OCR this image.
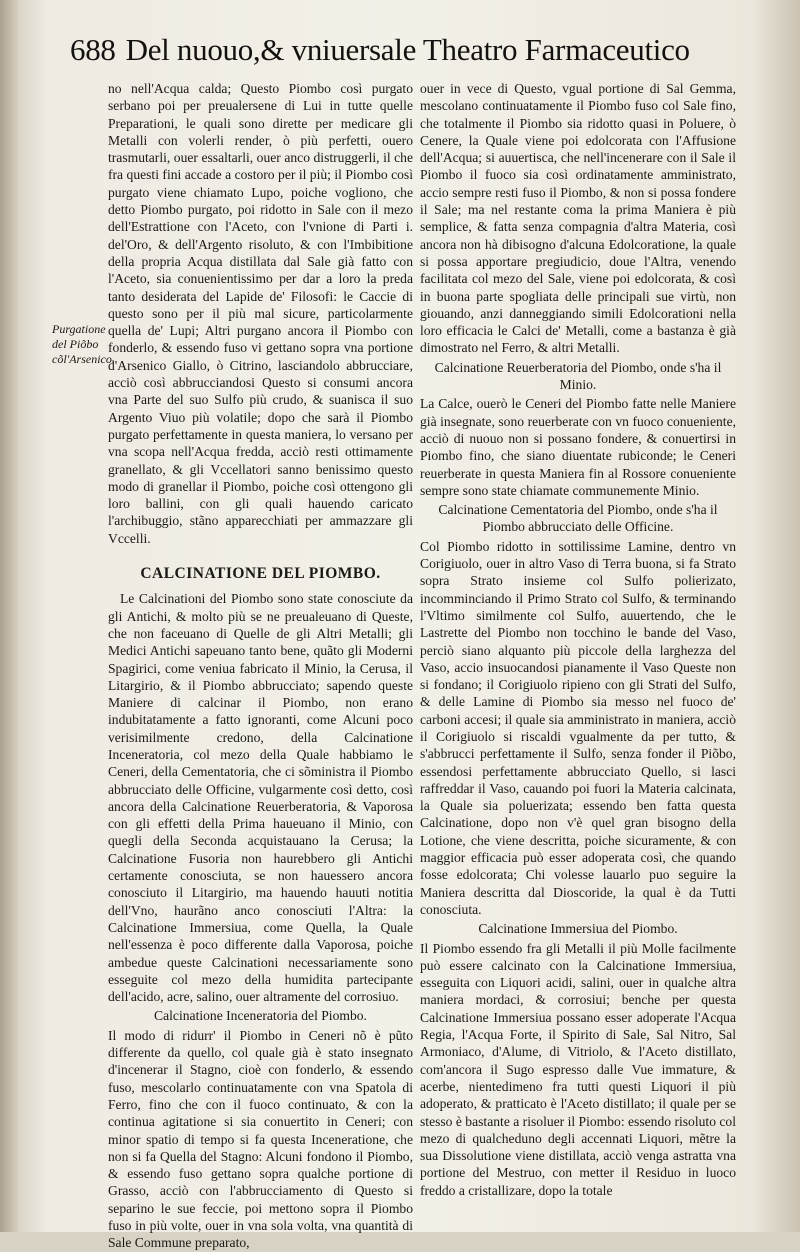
688 Del nuouo,& vniuersale Theatro Farmaceutico
Purgatione del Piõbo cõl'Arsenico.

no nell'Acqua calda; Questo Piombo così purgato serbano poi per preualersene di Lui in tutte quelle Preparationi, le quali sono dirette per medicare gli Metalli con volerli render, ò più perfetti, ouero trasmutarli, ouer essaltarli, ouer anco distruggerli, il che fra questi fini accade a costoro per il più; il Piombo così purgato viene chiamato Lupo, poiche vogliono, che detto Piombo purgato, poi ridotto in Sale con il mezo dell'Estrattione con l'Aceto, con l'vnione di Parti i. del'Oro, & dell'Argento risoluto, & con l'Imbibitione della propria Acqua distillata dal Sale già fatto con l'Aceto, sia conuenientissimo per dar a loro la preda tanto desiderata del Lapide de' Filosofi: le Caccie di questo sono per il più mal sicure, particolarmente quella de' Lupi; Altri purgano ancora il Piombo con fonderlo, & essendo fuso vi gettano sopra vna portione d'Arsenico Giallo, ò Citrino, lasciandolo abbrucciare, acciò così abbrucciandosi Questo si consumi ancora vna Parte del suo Sulfo più crudo, & suanisca il suo Argento Viuo più volatile; dopo che sarà il Piombo purgato perfettamente in questa maniera, lo versano per vna scopa nell'Acqua fredda, acciò resti ottimamente granellato, & gli Vccellatori sanno benissimo questo modo di granellar il Piombo, poiche così ottengono gli loro ballini, con gli quali hauendo caricato l'archibuggio, stãno apparecchiati per ammazzare gli Vccelli.

CALCINATIONE DEL PIOMBO.

Le Calcinationi del Piombo sono state conosciute da gli Antichi, & molto più se ne preualeuano di Queste, che non faceuano di Quelle de gli Altri Metalli; gli Medici Antichi sapeuano tanto bene, quãto gli Moderni Spagirici, come veniua fabricato il Minio, la Cerusa, il Litargirio, & il Piombo abbrucciato; sapendo queste Maniere di calcinar il Piombo, non erano indubitatamente a fatto ignoranti, come Alcuni poco verisimilmente credono, della Calcinatione Inceneratoria, col mezo della Quale habbiamo le Ceneri, della Cementatoria, che ci sõministra il Piombo abbrucciato delle Officine, vulgarmente così detto, così ancora della Calcinatione Reuerberatoria, & Vaporosa con gli effetti della Prima haueuano il Minio, con quegli della Seconda acquistauano la Cerusa; la Calcinatione Fusoria non haurebbero gli Antichi certamente conosciuta, se non hauessero ancora conosciuto il Litargirio, ma hauendo hauuti notitia dell'Vno, haurãno anco conosciuti l'Altra: la Calcinatione Immersiua, come Quella, la Quale nell'essenza è poco differente dalla Vaporosa, poiche ambedue queste Calcinationi necessariamente sono esseguite col mezo della humidita partecipante dell'acido, acre, salino, ouer altramente del corrosiuo.

Calcinatione Inceneratoria del Piombo.

Il modo di ridurr' il Piombo in Ceneri nõ è pũto differente da quello, col quale già è stato insegnato d'incenerar il Stagno, cioè con fonderlo, & essendo fuso, mescolarlo continuatamente con vna Spatola di Ferro, fino che con il fuoco continuato, & con la continua agitatione si sia conuertito in Ceneri; con minor spatio di tempo si fa questa Inceneratione, che non si fa Quella del Stagno: Alcuni fondono il Piombo, & essendo fuso gettano sopra qualche portione di Grasso, acciò con l'abbrucciamento di Questo si separino le sue feccie, poi mettono sopra il Piombo fuso in più volte, ouer in vna sola volta, vna quantità di Sale Commune preparato,

ouer in vece di Questo, vgual portione di Sal Gemma, mescolano continuatamente il Piombo fuso col Sale fino, che totalmente il Piombo sia ridotto quasi in Poluere, ò Cenere, la Quale viene poi edolcorata con l'Affusione dell'Acqua; si auuertisca, che nell'incenerare con il Sale il Piombo il fuoco sia così ordinatamente amministrato, accio sempre resti fuso il Piombo, & non si possa fondere il Sale; ma nel restante coma la prima Maniera è più semplice, & fatta senza compagnia d'altra Materia, così ancora non hà dibisogno d'alcuna Edolcoratione, la quale si possa apportare pregiudicio, doue l'Altra, venendo facilitata col mezo del Sale, viene poi edolcorata, & così in buona parte spogliata delle principali sue virtù, non giouando, anzi danneggiando simili Edolcorationi nella loro efficacia le Calci de' Metalli, come a bastanza è già dimostrato nel Ferro, & altri Metalli.

Calcinatione Reuerberatoria del Piombo, onde s'ha il Minio.

La Calce, ouerò le Ceneri del Piombo fatte nelle Maniere già insegnate, sono reuerberate con vn fuoco conueniente, acciò di nuouo non si possano fondere, & conuertirsi in Piombo fino, che siano diuentate rubiconde; le Ceneri reuerberate in questa Maniera fin al Rossore conueniente sempre sono state chiamate communemente Minio.

Calcinatione Cementatoria del Piombo, onde s'ha il Piombo abbrucciato delle Officine.

Col Piombo ridotto in sottilissime Lamine, dentro vn Corigiuolo, ouer in altro Vaso di Terra buona, si fa Strato sopra Strato insieme col Sulfo polierizato, incomminciando il Primo Strato col Sulfo, & terminando l'Vltimo similmente col Sulfo, auuertendo, che le Lastrette del Piombo non tocchino le bande del Vaso, perciò siano alquanto più piccole della larghezza del Vaso, accio insuocandosi pianamente il Vaso Queste non si fondano; il Corigiuolo ripieno con gli Strati del Sulfo, & delle Lamine di Piombo sia messo nel fuoco de' carboni accesi; il quale sia amministrato in maniera, acciò il Corigiuolo si riscaldi vgualmente da per tutto, & s'abbrucci perfettamente il Sulfo, senza fonder il Piõbo, essendosi perfettamente abbrucciato Quello, si lasci raffreddar il Vaso, cauando poi fuori la Materia calcinata, la Quale sia poluerizata; essendo ben fatta questa Calcinatione, dopo non v'è quel gran bisogno della Lotione, che viene descritta, poiche sicuramente, & con maggior efficacia può esser adoperata così, che quando fosse edolcorata; Chi volesse lauarlo puo seguire la Maniera descritta dal Dioscoride, la qual è da Tutti conosciuta.

Calcinatione Immersiua del Piombo.

Il Piombo essendo fra gli Metalli il più Molle facilmente può essere calcinato con la Calcinatione Immersiua, esseguita con Liquori acidi, salini, ouer in qualche altra maniera mordaci, & corrosiui; benche per questa Calcinatione Immersiua possano esser adoperate l'Acqua Regia, l'Acqua Forte, il Spirito di Sale, Sal Nitro, Sal Armoniaco, d'Alume, di Vitriolo, & l'Aceto distillato, com'ancora il Sugo espresso dalle Vue immature, & acerbe, nientedimeno fra tutti questi Liquori il più adoperato, & pratticato è l'Aceto distillato; il quale per se stesso è bastante a risoluer il Piombo: essendo risoluto col mezo di qualcheduno degli accennati Liquori, mẽtre la sua Dissolutione viene distillata, acciò venga astratta vna portione del Mestruo, con metter il Residuo in luoco freddo a cristallizare, dopo la totale
